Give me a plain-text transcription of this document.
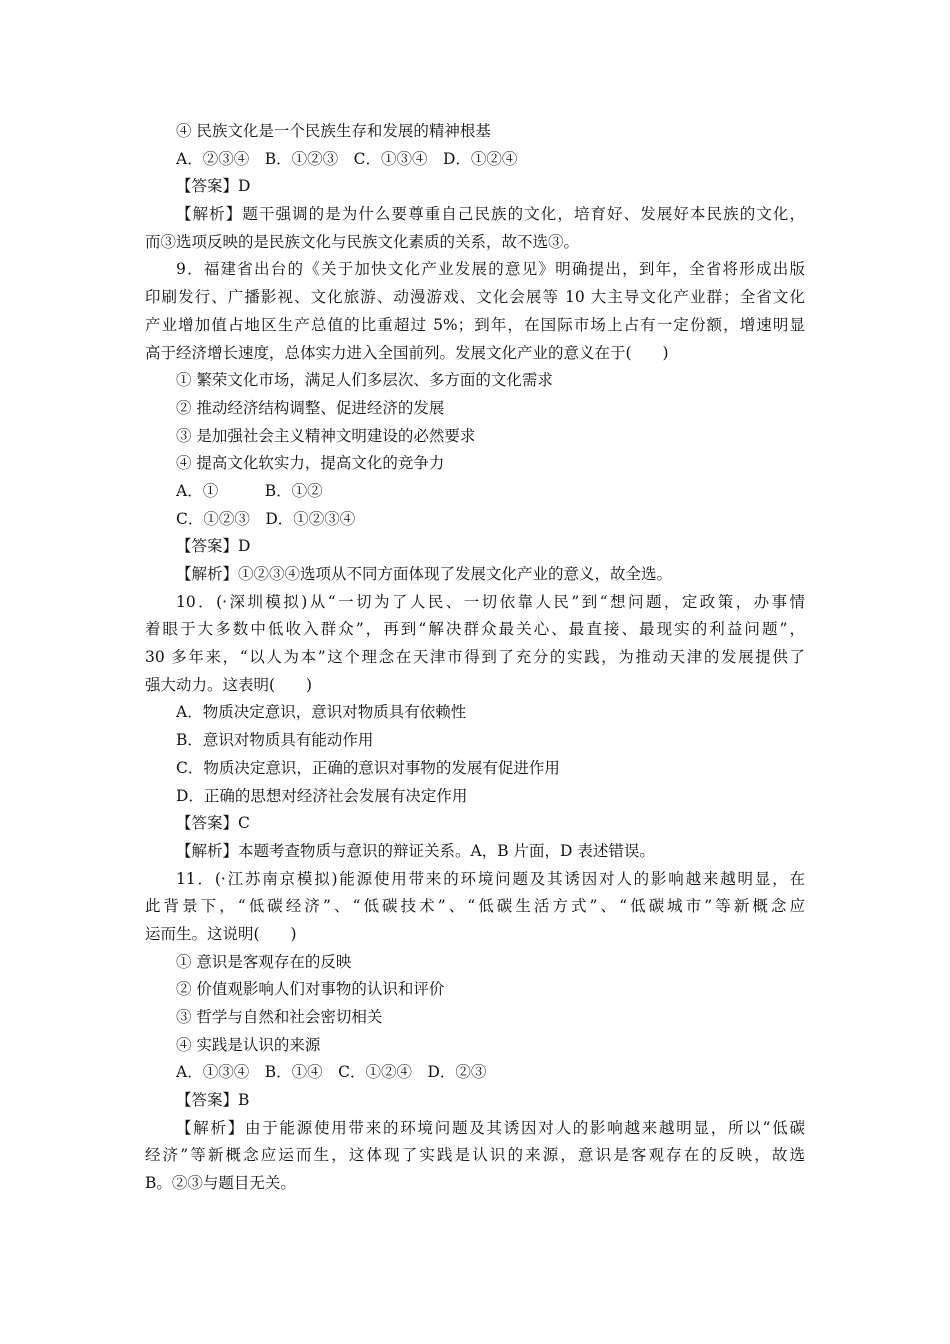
④ 民族文化是一个民族生存和发展的精神根基
A．②③④　B．①②③　C．①③④　D．①②④
【答案】D
【解析】题干强调的是为什么要尊重自己民族的文化，培育好、发展好本民族的文化，
而③选项反映的是民族文化与民族文化素质的关系，故不选③。
9．福建省出台的《关于加快文化产业发展的意见》明确提出，到年，全省将形成出版
印刷发行、广播影视、文化旅游、动漫游戏、文化会展等 10 大主导文化产业群；全省文化
产业增加值占地区生产总值的比重超过 5%；到年，在国际市场上占有一定份额，增速明显
高于经济增长速度，总体实力进入全国前列。发展文化产业的意义在于(　　)
① 繁荣文化市场，满足人们多层次、多方面的文化需求
② 推动经济结构调整、促进经济的发展
③ 是加强社会主义精神文明建设的必然要求
④ 提高文化软实力，提高文化的竞争力
A．①　　　B．①②
C．①②③　D．①②③④
【答案】D
【解析】①②③④选项从不同方面体现了发展文化产业的意义，故全选。
10．(·深圳模拟)从“一切为了人民、一切依靠人民”到“想问题，定政策，办事情
着眼于大多数中低收入群众”，再到“解决群众最关心、最直接、最现实的利益问题”，
30 多年来，“以人为本”这个理念在天津市得到了充分的实践，为推动天津的发展提供了
强大动力。这表明(　　)
A．物质决定意识，意识对物质具有依赖性
B．意识对物质具有能动作用
C．物质决定意识，正确的意识对事物的发展有促进作用
D．正确的思想对经济社会发展有决定作用
【答案】C
【解析】本题考查物质与意识的辩证关系。A，B 片面，D 表述错误。
11．(·江苏南京模拟)能源使用带来的环境问题及其诱因对人的影响越来越明显，在
此背景下，“低碳经济”、“低碳技术”、“低碳生活方式”、“低碳城市”等新概念应
运而生。这说明(　　)
① 意识是客观存在的反映
② 价值观影响人们对事物的认识和评价
③ 哲学与自然和社会密切相关
④ 实践是认识的来源
A．①③④　B．①④　C．①②④　D．②③
【答案】B
【解析】由于能源使用带来的环境问题及其诱因对人的影响越来越明显，所以“低碳
经济”等新概念应运而生，这体现了实践是认识的来源，意识是客观存在的反映，故选
B。②③与题目无关。
